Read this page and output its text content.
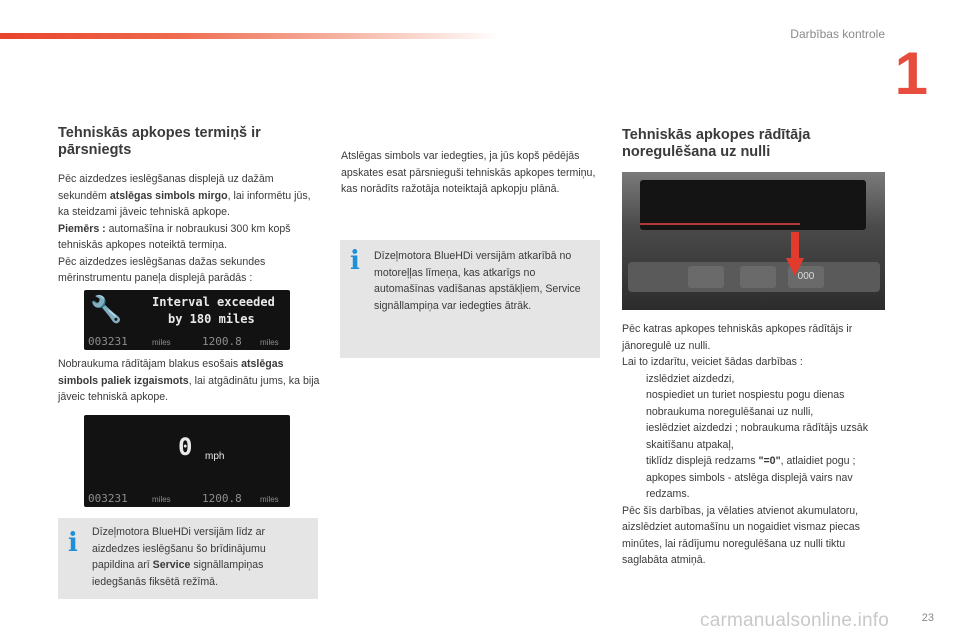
Darbības kontrole
1
Tehniskās apkopes termiņš ir pārsniegts

Pēc aizdedzes ieslēgšanas displejā uz dažām sekundēm atslēgas simbols mirgo, lai informētu jūs, ka steidzami jāveic tehniskā apkope.

Piemērs : automašīna ir nobraukusi 300 km kopš tehniskās apkopes noteiktā termiņa.

Pēc aizdedzes ieslēgšanas dažas sekundes mērinstrumentu paneļa displejā parādās :

🔧 Interval exceeded
by 180 miles
003231	miles	1200.8 miles

Nobraukuma rādītājam blakus esošais atslēgas simbols paliek izgaismots, lai atgādinātu jums, ka bija jāveic tehniskā apkope.

0 mph
003231	miles	1200.8 miles
i Dīzeļmotora BlueHDi versijām līdz ar aizdedzes ieslēgšanu šo brīdinājumu papildina arī Service signāllampiņas iedegšanās fiksētā režīmā.

Atslēgas simbols var iedegties, ja jūs kopš pēdējās apskates esat pārsnieguši tehniskās apkopes termiņu, kas norādīts ražotāja noteiktajā apkopju plānā.

i Dīzeļmotora BlueHDi versijām atkarībā no motoreļļas līmeņa, kas atkarīgs no automašīnas vadīšanas apstākļiem, Service signāllampiņa var iedegties ātrāk.

Tehniskās apkopes rādītāja noregulēšana uz nulli
000

Pēc katras apkopes tehniskās apkopes rādītājs ir jānoregulē uz nulli.

Lai to izdarītu, veiciet šādas darbības :

izslēdziet aizdedzi,
nospiediet un turiet nospiestu pogu dienas nobraukuma noregulēšanai uz nulli,
ieslēdziet aizdedzi ; nobraukuma rādītājs uzsāk skaitīšanu atpakaļ,
tiklīdz displejā redzams "=0", atlaidiet pogu ; apkopes simbols - atslēga displejā vairs nav redzams.

Pēc šīs darbības, ja vēlaties atvienot akumulatoru, aizslēdziet automašīnu un nogaidiet vismaz piecas minūtes, lai rādījumu noregulēšana uz nulli tiktu saglabāta atmiņā.

carmanualsonline.info	23
